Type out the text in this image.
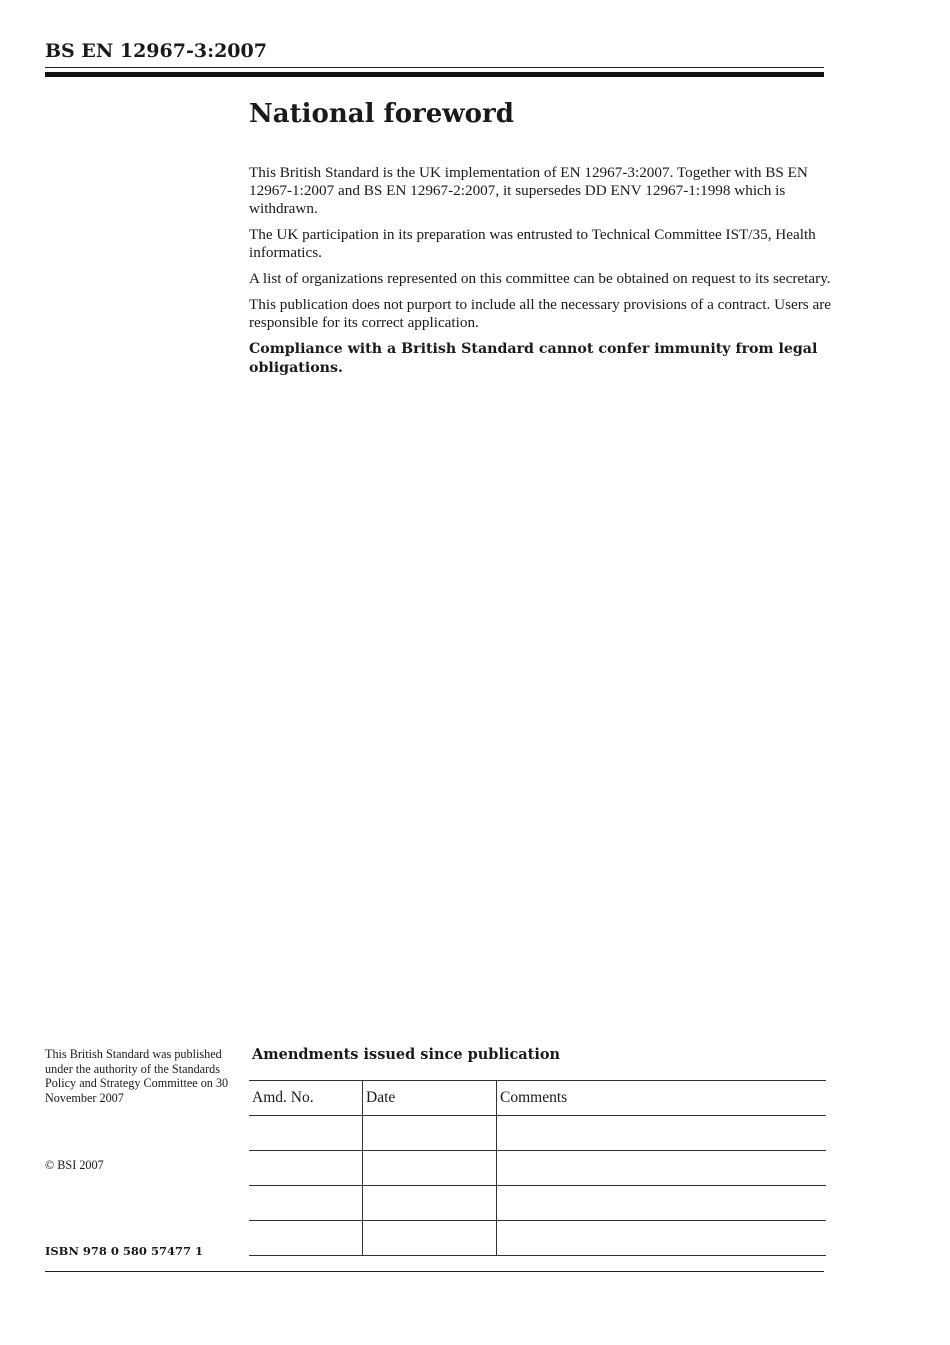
BS EN 12967-3:2007
National foreword

This British Standard is the UK implementation of EN 12967-3:2007. Together with BS EN 12967-1:2007 and BS EN 12967-2:2007, it supersedes DD ENV 12967-1:1998 which is withdrawn.

The UK participation in its preparation was entrusted to Technical Committee IST/35, Health informatics.

A list of organizations represented on this committee can be obtained on request to its secretary.

This publication does not purport to include all the necessary provisions of a contract. Users are responsible for its correct application.

Compliance with a British Standard cannot confer immunity from legal obligations.

This British Standard was published under the authority of the Standards Policy and Strategy Committee on 30 November 2007
© BSI 2007
ISBN 978 0 580 57477 1
Amendments issued since publication
Amd. No.	Date	Comments
